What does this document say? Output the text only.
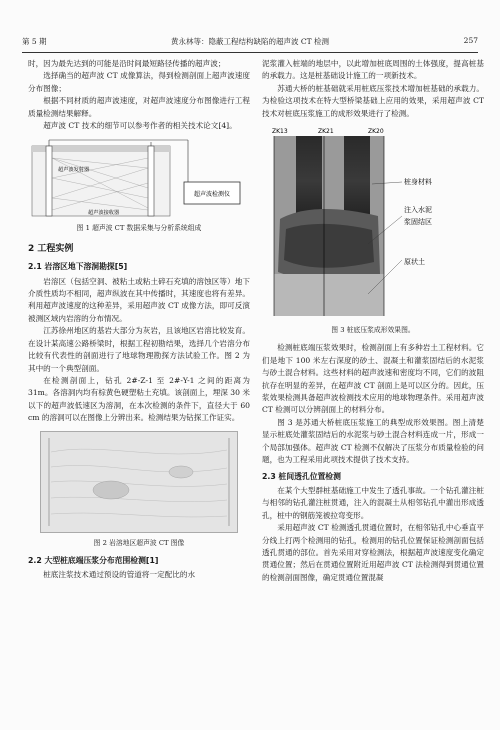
第 5 期	黄永林等：隐蔽工程结构缺陷的超声波 CT 检测	257

时，因为最先达到的可能是沿时间最短路径传播的超声波；

选择确当的超声波 CT 成像算法，得到检测剖面上超声波速度分布图像；

根据不同材质的超声波速度，对超声波速度分布图像进行工程质量检测结果解释。

超声波 CT 技术的细节可以参考作者的相关技术论文[4]。

超声波检测仪
超声波发射器
超声波接收器
图 1 超声波 CT 数据采集与分析系统组成
2 工程实例
2.1 岩溶区地下溶洞勘探[5]

岩溶区（包括空洞、被粘土或粘土碎石充填的溶蚀区等）地下介质性质均不相同，超声纵波在其中传播时，其速度也将有差异。利用超声波速度的这种差异，采用超声波 CT 成像方法，即可反演被测区域内岩溶的分布情况。

江苏徐州地区的基岩大部分为灰岩，且该地区岩溶比较发育。在设计某高速公路桥梁时，根据工程初勘结果，选择几个岩溶分布比较有代表性的剖面进行了地球物理勘探方法试验工作。图 2 为其中的一个典型剖面。

在检测剖面上，钻孔 2#-Z-1 至 2#-Y-1 之间的距离为 31m。各溶洞内均有棕黄色硬塑粘土充填。该剖面上，埋深 30 米以下的超声波低速区为溶洞，在本次检测的条件下，直径大于 60 cm 的溶洞可以在图像上分辨出来。检测结果为钻探工作证实。

图 2 岩溶地区超声波 CT 图像
2.2 大型桩底端压浆分布范围检测[1]

桩底注浆技术通过预设的管道将一定配比的水

泥浆灌入桩端的地层中，以此增加桩底周围的土体强度，提高桩基的承载力。这是桩基础设计施工的一项新技术。

苏通大桥的桩基础就采用桩底压浆技术增加桩基础的承载力。为检验这项技术在特大型桥梁基础上应用的效果，采用超声波 CT 技术对桩底压浆施工的成形效果进行了检测。

ZK13	ZK21	ZK20
桩身材料
注入水泥
浆固结区
原状土
图 3 桩底压浆成形效果图。

检测桩底端压浆效果时，检测剖面上有多种岩土工程材料。它们是地下 100 米左右深度的砂土、混凝土和灌浆固结后的水泥浆与砂土混合材料。这些材料的超声波速和密度均不同，它们的波阻抗存在明显的差异，在超声波 CT 剖面上是可以区分的。因此，压浆效果检测具备超声波检测技术应用的地球物理条件。采用超声波 CT 检测可以分辨剖面上的材料分布。

图 3 是苏通大桥桩底压浆施工的典型成形效果图。图上清楚显示桩底处灌浆固结后的水泥浆与砂土混合材料连成一片，形成一个局部加强体。超声波 CT 检测不仅解决了压浆分布质量检验的问题，也为工程采用此项技术提供了技术支持。

2.3 桩间透孔位置检测

在某个大型群桩基础施工中发生了透孔事故。一个钻孔灌注桩与相邻的钻孔灌注桩贯通，注入的混凝土从相邻钻孔中灌出形成透孔，桩中的钢筋笼被拉弯变形。

采用超声波 CT 检测透孔贯通位置时，在相邻钻孔中心垂直平分线上打两个检测用的钻孔，检测用的钻孔位置保证检测剖面包括透孔贯通的部位。首先采用对穿检测法，根据超声波速度变化确定贯通位置；然后在贯通位置附近用超声波 CT 法检测得到贯通位置的检测剖面图像，确定贯通位置混凝
